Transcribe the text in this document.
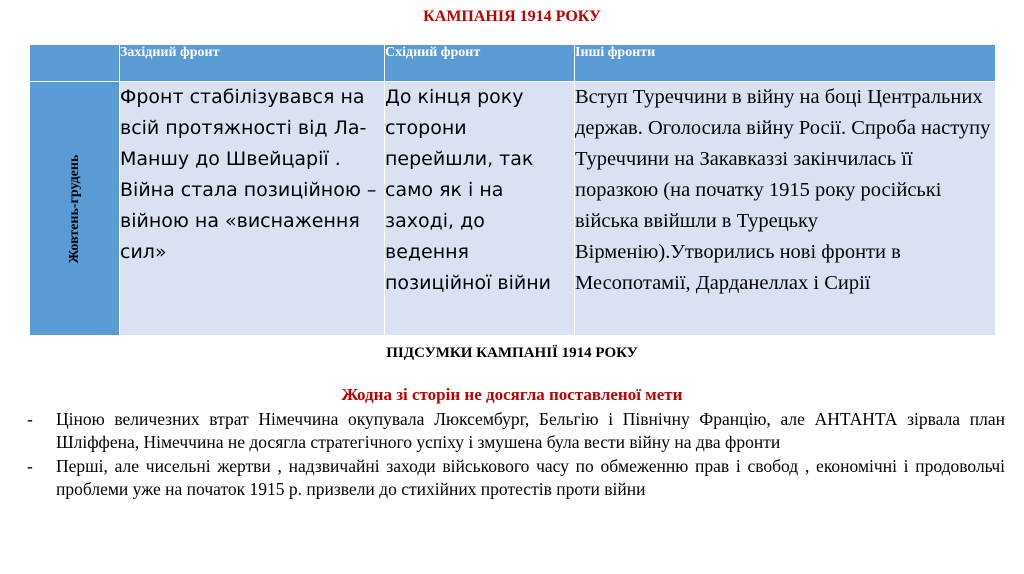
КАМПАНІЯ 1914 РОКУ
	Західний фронт	Східний фронт	Інші фронти

Жовтень-грудень	Фронт стабілізувався на всій протяжності від Ла-Маншу до Швейцарії . Війна стала позиційною – війною на «виснаження сил»	До кінця року сторони перейшли, так само як і на заході, до ведення позиційної війни	Вступ Туреччини в війну на боці Центральних держав. Оголосила війну Росії. Спроба наступу Туреччини на Закавказзі закінчилась її поразкою (на початку 1915 року російські війська ввійшли в Турецьку Вірменію).Утворились нові фронти в Месопотамії, Дарданеллах і Сирії
ПІДСУМКИ КАМПАНІЇ 1914 РОКУ
Жодна зі сторін не досягла поставленої мети
- Ціною величезних втрат Німеччина окупувала Люксембург, Бельгію і Північну Францію, але АНТАНТА зірвала план Шліффена, Німеччина не досягла стратегічного успіху і змушена була вести війну на два фронти
- Перші, але чисельні жертви , надзвичайні заходи військового часу по обмеженню прав і свобод , економічні і продовольчі проблеми уже на початок 1915 р. призвели до стихійних протестів проти війни
